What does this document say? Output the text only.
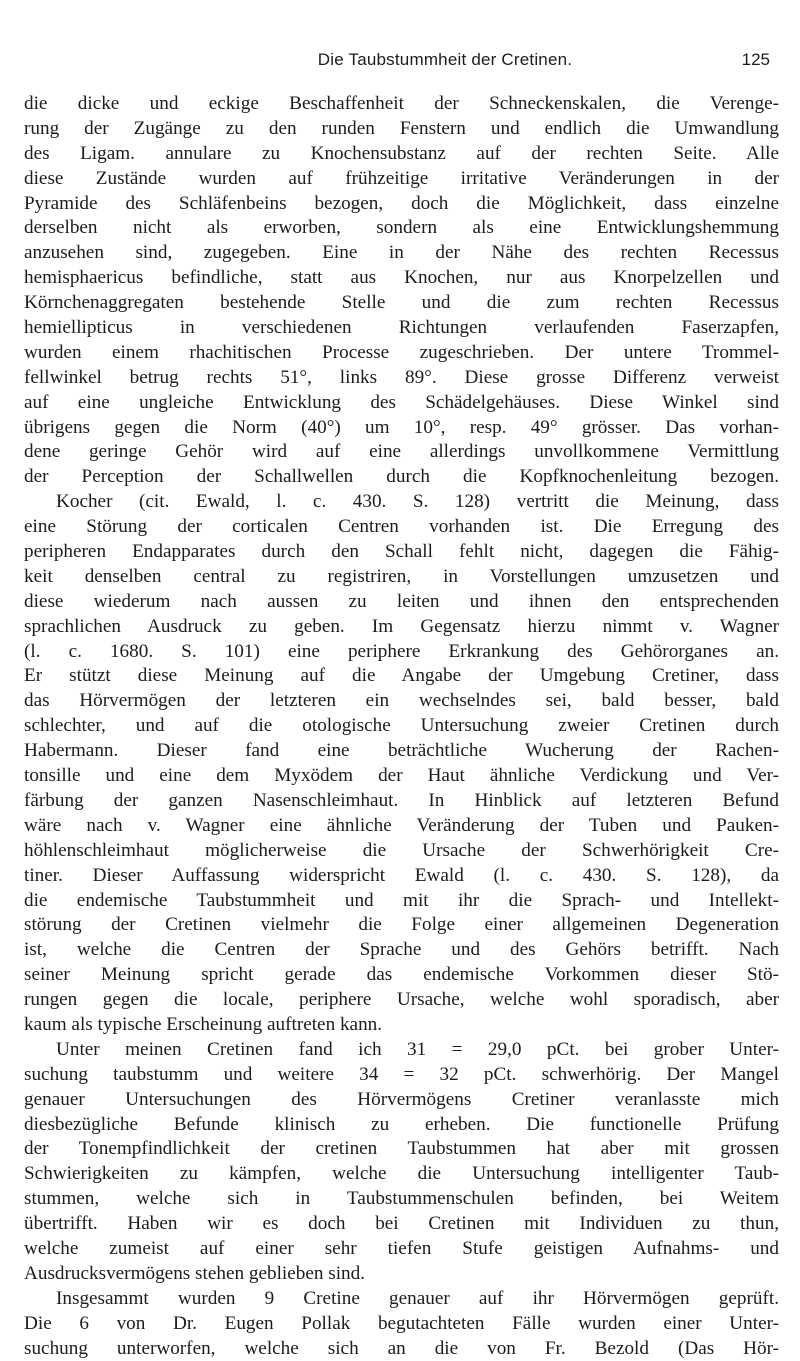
Die Taubstummheit der Cretinen.	125
die dicke und eckige Beschaffenheit der Schneckenskalen, die Verenge-
rung der Zugänge zu den runden Fenstern und endlich die Umwandlung
des Ligam. annulare zu Knochensubstanz auf der rechten Seite. Alle
diese Zustände wurden auf frühzeitige irritative Veränderungen in der
Pyramide des Schläfenbeins bezogen, doch die Möglichkeit, dass einzelne
derselben nicht als erworben, sondern als eine Entwicklungshemmung
anzusehen sind, zugegeben. Eine in der Nähe des rechten Recessus
hemisphaericus befindliche, statt aus Knochen, nur aus Knorpelzellen und
Körnchenaggregaten bestehende Stelle und die zum rechten Recessus
hemiellipticus in verschiedenen Richtungen verlaufenden Faserzapfen,
wurden einem rhachitischen Processe zugeschrieben. Der untere Trommel-
fellwinkel betrug rechts 51°, links 89°. Diese grosse Differenz verweist
auf eine ungleiche Entwicklung des Schädelgehäuses. Diese Winkel sind
übrigens gegen die Norm (40°) um 10°, resp. 49° grösser. Das vorhan-
dene geringe Gehör wird auf eine allerdings unvollkommene Vermittlung
der Perception der Schallwellen durch die Kopfknochenleitung bezogen.
Kocher (cit. Ewald, l. c. 430. S. 128) vertritt die Meinung, dass
eine Störung der corticalen Centren vorhanden ist. Die Erregung des
peripheren Endapparates durch den Schall fehlt nicht, dagegen die Fähig-
keit denselben central zu registriren, in Vorstellungen umzusetzen und
diese wiederum nach aussen zu leiten und ihnen den entsprechenden
sprachlichen Ausdruck zu geben. Im Gegensatz hierzu nimmt v. Wagner
(l. c. 1680. S. 101) eine periphere Erkrankung des Gehörorganes an.
Er stützt diese Meinung auf die Angabe der Umgebung Cretiner, dass
das Hörvermögen der letzteren ein wechselndes sei, bald besser, bald
schlechter, und auf die otologische Untersuchung zweier Cretinen durch
Habermann. Dieser fand eine beträchtliche Wucherung der Rachen-
tonsille und eine dem Myxödem der Haut ähnliche Verdickung und Ver-
färbung der ganzen Nasenschleimhaut. In Hinblick auf letzteren Befund
wäre nach v. Wagner eine ähnliche Veränderung der Tuben und Pauken-
höhlenschleimhaut möglicherweise die Ursache der Schwerhörigkeit Cre-
tiner. Dieser Auffassung widerspricht Ewald (l. c. 430. S. 128), da
die endemische Taubstummheit und mit ihr die Sprach- und Intellekt-
störung der Cretinen vielmehr die Folge einer allgemeinen Degeneration
ist, welche die Centren der Sprache und des Gehörs betrifft. Nach
seiner Meinung spricht gerade das endemische Vorkommen dieser Stö-
rungen gegen die locale, periphere Ursache, welche wohl sporadisch, aber
kaum als typische Erscheinung auftreten kann.
Unter meinen Cretinen fand ich 31 = 29,0 pCt. bei grober Unter-
suchung taubstumm und weitere 34 = 32 pCt. schwerhörig. Der Mangel
genauer Untersuchungen des Hörvermögens Cretiner veranlasste mich
diesbezügliche Befunde klinisch zu erheben. Die functionelle Prüfung
der Tonempfindlichkeit der cretinen Taubstummen hat aber mit grossen
Schwierigkeiten zu kämpfen, welche die Untersuchung intelligenter Taub-
stummen, welche sich in Taubstummenschulen befinden, bei Weitem
übertrifft. Haben wir es doch bei Cretinen mit Individuen zu thun,
welche zumeist auf einer sehr tiefen Stufe geistigen Aufnahms- und
Ausdrucksvermögens stehen geblieben sind.
Insgesammt wurden 9 Cretine genauer auf ihr Hörvermögen geprüft.
Die 6 von Dr. Eugen Pollak begutachteten Fälle wurden einer Unter-
suchung unterworfen, welche sich an die von Fr. Bezold (Das Hör-
